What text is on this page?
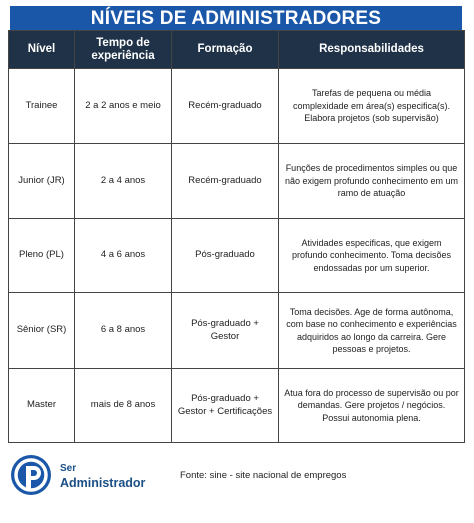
NÍVEIS DE ADMINISTRADORES
Nível	Tempo de experiência	Formação	Responsabilidades
Trainee	2 a 2 anos e meio	Recém-graduado	Tarefas de pequena ou média complexidade em área(s) especifica(s). Elabora projetos (sob supervisão)
Junior (JR)	2 a 4 anos	Recém-graduado	Funções de procedimentos simples ou que não exigem profundo conhecimento em um ramo de atuação
Pleno (PL)	4 a 6 anos	Pós-graduado	Atividades especificas, que exigem profundo conhecimento. Toma decisões endossadas por um superior.
Sênior (SR)	6 a 8 anos	Pós-graduado + Gestor	Toma decisões. Age de forma autônoma, com base no conhecimento e experiências adquiridos ao longo da carreira. Gere pessoas e projetos.
Master	mais de 8 anos	Pós-graduado + Gestor + Certificações	Atua fora do processo de supervisão ou por demandas. Gere projetos / negócios. Possui autonomia plena.
Ser
Administrador
Fonte: sine - site nacional de empregos
